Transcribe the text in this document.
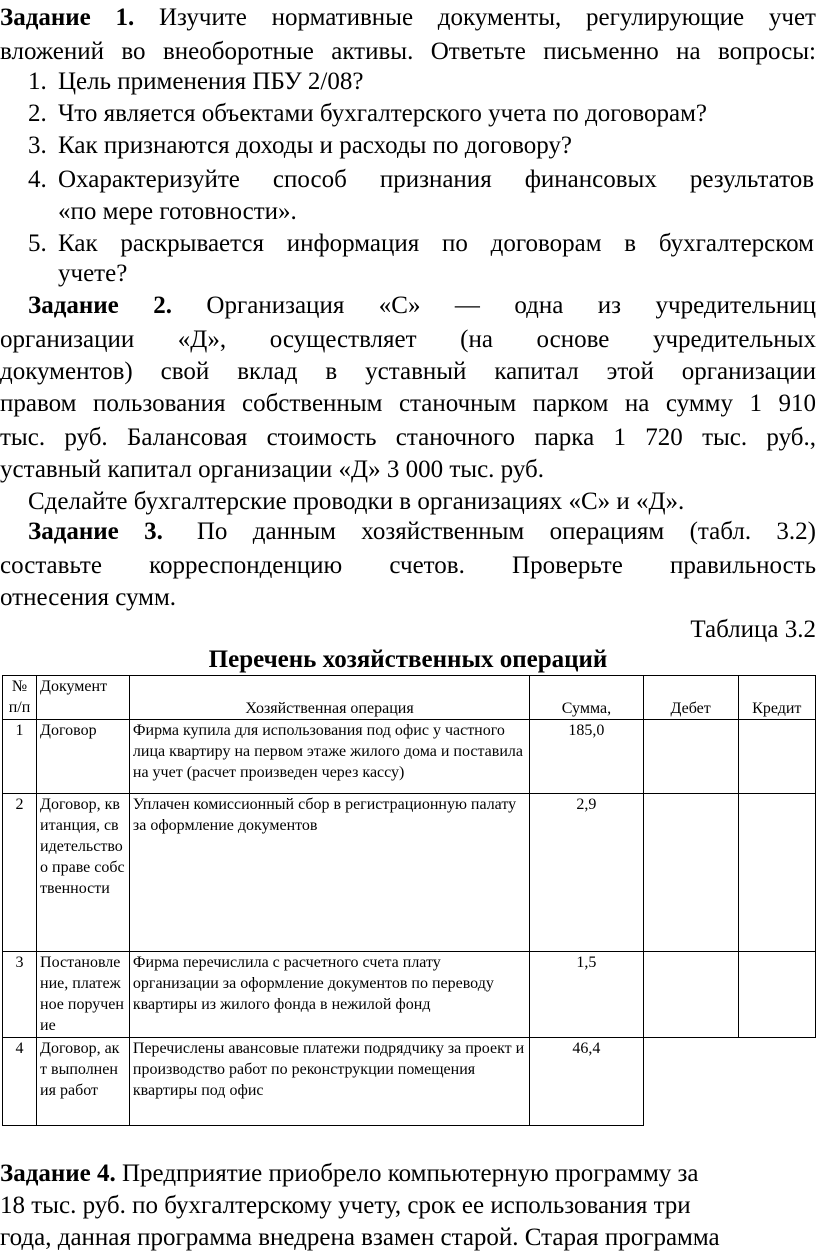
Задание 1. Изучите нормативные документы, регулирующие учет
вложений во внеоборотные активы. Ответьте письменно на вопросы:
1. Цель применения ПБУ 2/08?
2. Что является объектами бухгалтерского учета по договорам?
3. Как признаются доходы и расходы по договору?
4. Охарактеризуйте способ признания финансовых результатов
«по мере готовности».
5. Как раскрывается информация по договорам в бухгалтерском
учете?
Задание 2. Организация «С» — одна из учредительниц
организации «Д», осуществляет (на основе учредительных
документов) свой вклад в уставный капитал этой организации
правом пользования собственным станочным парком на сумму 1 910
тыс. руб. Балансовая стоимость станочного парка 1 720 тыс. руб.,
уставный капитал организации «Д» 3 000 тыс. руб.
Сделайте бухгалтерские проводки в организациях «С» и «Д».
Задание 3. По данным хозяйственным операциям (табл. 3.2)
составьте корреспонденцию счетов. Проверьте правильность
отнесения сумм.
Таблица 3.2
Перечень хозяйственных операций
№ п/п	Документ	Хозяйственная операция	Сумма,	Дебет	Кредит
1	Договор	Фирма купила для использования под офис у частного лица квартиру на первом этаже жилого дома и поставила на учет (расчет произведен через кассу)	185,0		
2	Договор, квитанция, свидетельство о праве собственности	Уплачен комиссионный сбор в регистрационную палату за оформление документов	2,9		
3	Постановление, платежное поручение	Фирма перечислила с расчетного счета плату организации за оформление документов по переводу квартиры из жилого фонда в нежилой фонд	1,5		
4	Договор, акт выполнения работ	Перечислены авансовые платежи подрядчику за проект и производство работ по реконструкции помещения квартиры под офис	46,4		
Задание 4. Предприятие приобрело компьютерную программу за
18 тыс. руб. по бухгалтерскому учету, срок ее использования три
года, данная программа внедрена взамен старой. Старая программа
